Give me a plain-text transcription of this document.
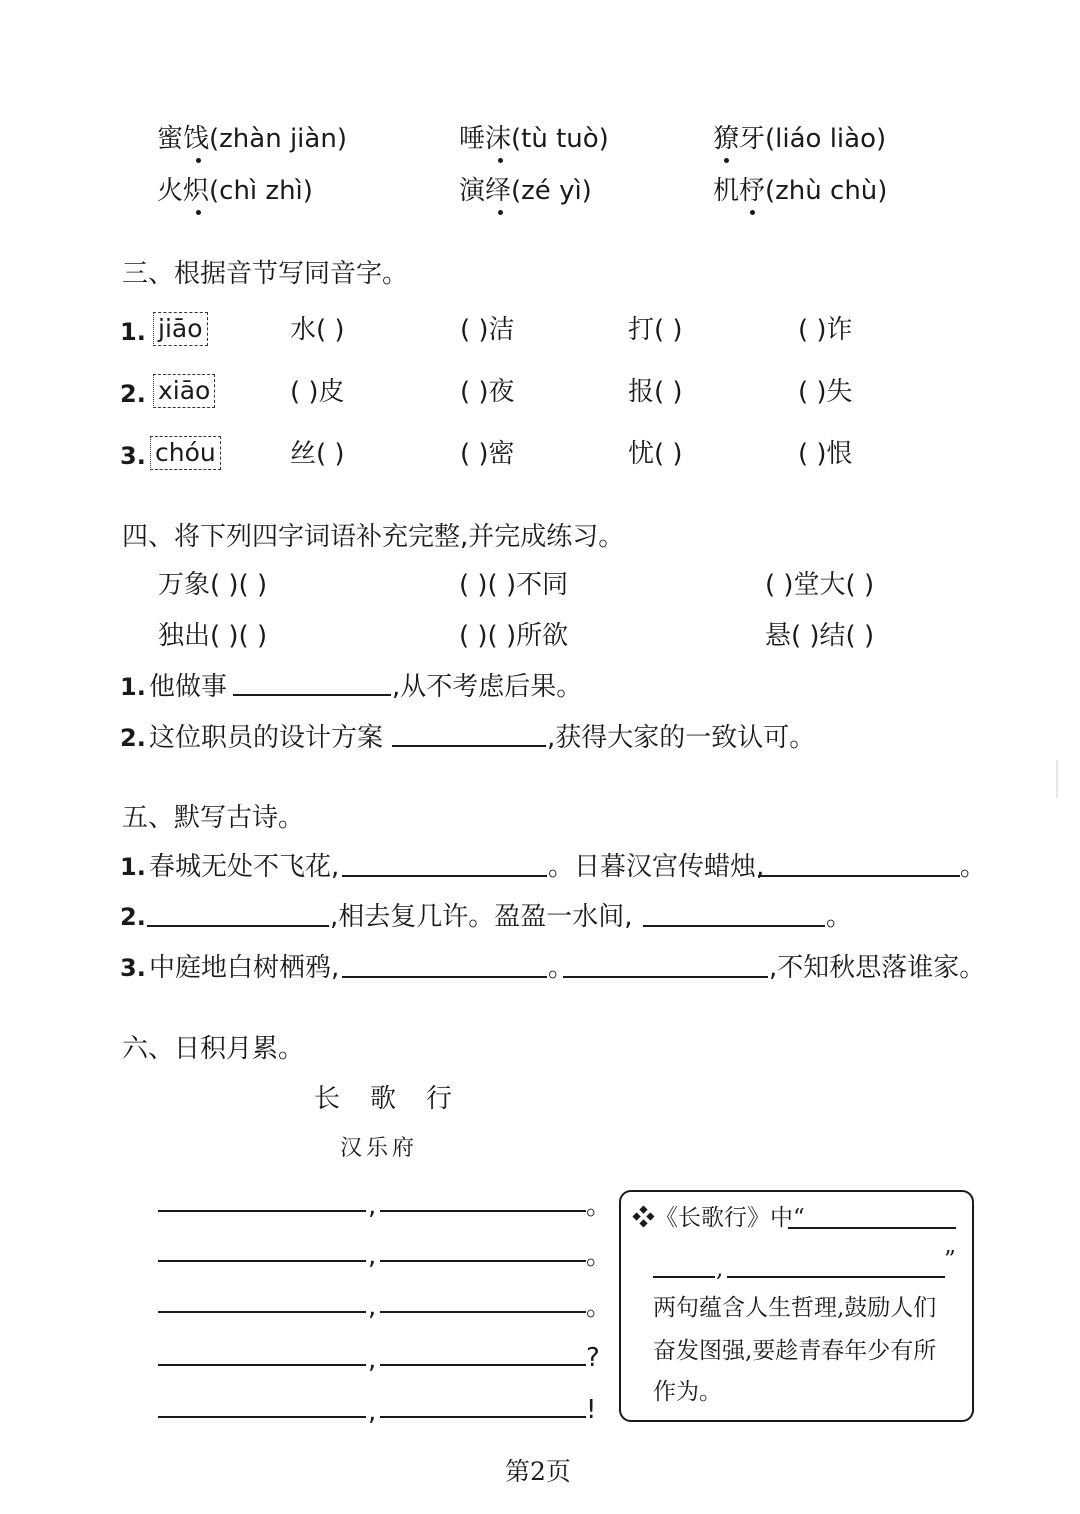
蜜饯(zhàn jiàn)	唾沫(tù tuò)	獠牙(liáo liào)
火炽(chì zhì)	演绎(zé yì)	机杼(zhù chù)
三、根据音节写同音字。
1. jiāo	水( )	( )洁	打( )	( )诈
2. xiāo	( )皮	( )夜	报( )	( )失
3. chóu	丝( )	( )密	忧( )	( )恨
四、将下列四字词语补充完整,并完成练习。
万象( )( )	( )( )不同	( )堂大( )
独出( )( )	( )( )所欲	悬( )结( )
1. 他做事	,从不考虑后果。
2. 这位职员的设计方案	,获得大家的一致认可。
五、默写古诗。
1. 春城无处不飞花,	。日暮汉宫传蜡烛,	。
2.	,相去复几许。盈盈一水间,	。
3. 中庭地白树栖鸦,	。	,不知秋思落谁家。
六、日积月累。
长歌行
汉乐府
,	。
,	。
,	。
,	?
,	!
❖《长歌行》中“
,	”
两句蕴含人生哲理,鼓励人们
奋发图强,要趁青春年少有所
作为。
第2页
